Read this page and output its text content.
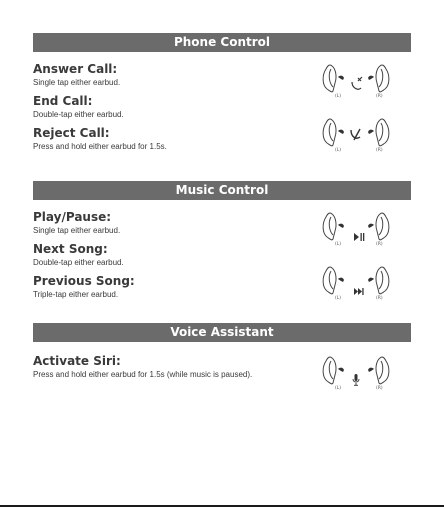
Phone Control
Answer Call:
Single tap either earbud.
End Call:
Double-tap either earbud.
Reject Call:
Press and hold either earbud for 1.5s.
Music Control
Play/Pause:
Single tap either earbud.
Next Song:
Double-tap either earbud.
Previous Song:
Triple-tap either earbud.
Voice Assistant
Activate Siri:
Press and hold either earbud for 1.5s (while music is paused).
(L)	(R)
(L)	(R)
(L)	(R)
(L)	(R)
(L)	(R)
